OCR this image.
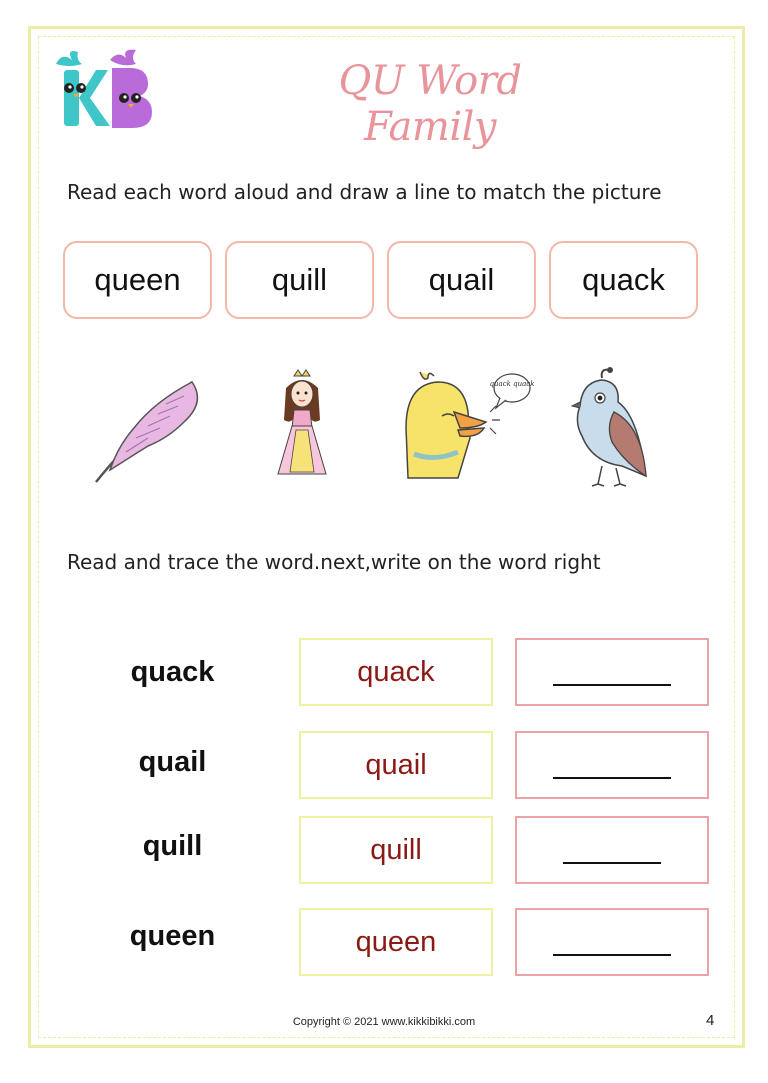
QU Word Family
Read each word aloud and draw a line to match the picture
queen	quill	quail	quack
quack quack
Read and trace the word.next,write on the word right
quack	quack
quail	quail
quill	quill
queen	queen
Copyright © 2021 www.kikkibikki.com	4
